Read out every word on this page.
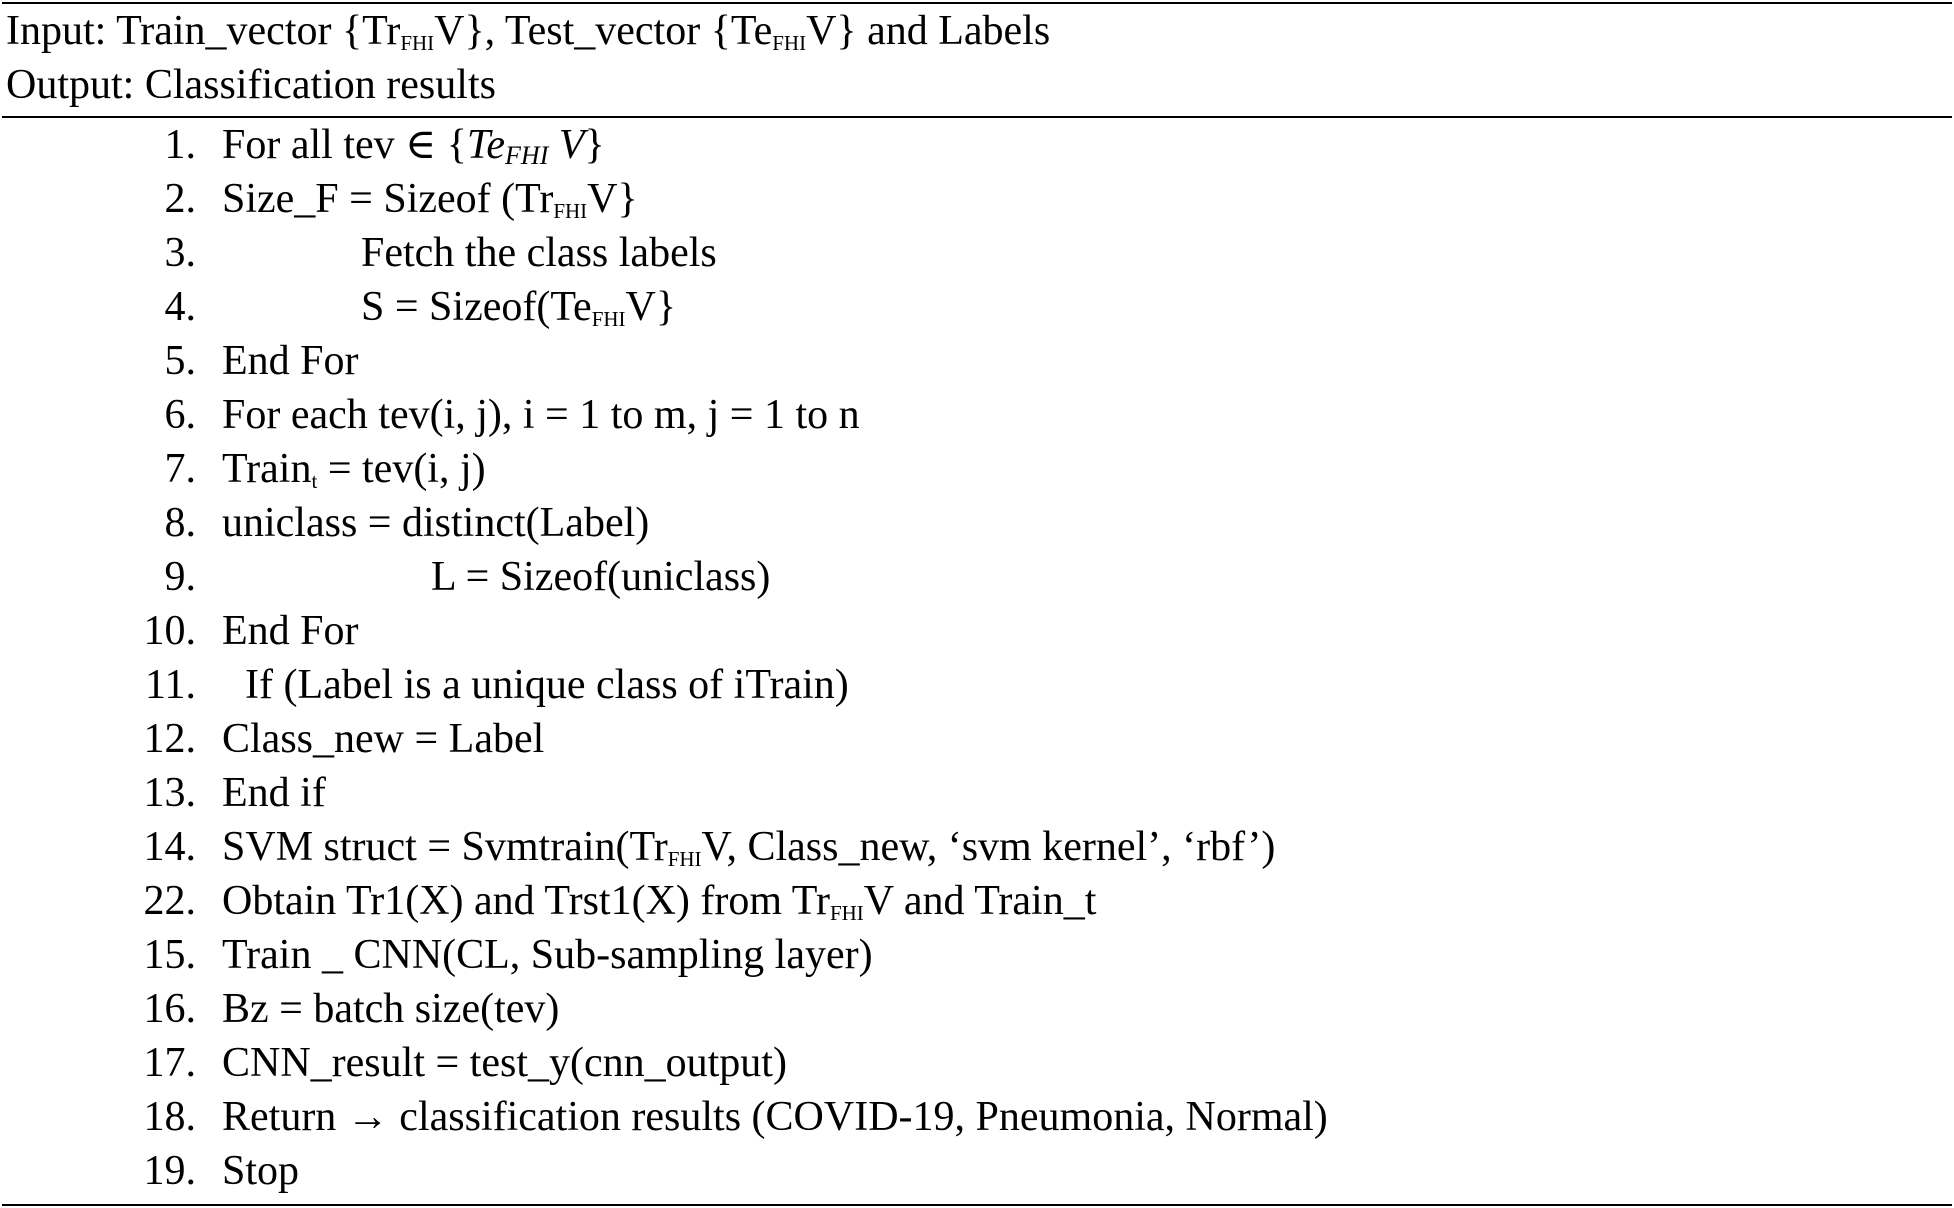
Input: Train_vector $\{Tr_{FHI}V\}$, Test_vector $\{Te_{FHI}V\}$ and Labels
Output: Classification results
1. For all tev ∈ {TeFHI V}
2. Size_F = Sizeof $(Tr_{FHI}V\}$
3.	Fetch the class labels
4.	$S = Sizeof(Te_{FHI}V\}$
5. End For
6. For each tev(i, j), i = 1 to m, j = 1 to n
7. Train$_t$ = tev(i, j)
8. uniclass = distinct(Label)
9.	L = Sizeof(uniclass)
10. End For
11. If (Label is a unique class of iTrain)
12. Class_new = Label
13. End if
14. SVM struct = $Svmtrain(Tr_{FHI}V$, Class_new, ‘svm kernel’, ‘rbf’)
22. Obtain Tr1(X) and Trst1(X) from $Tr_{FHI}V$ and Train_t
15. Train _ CNN(CL, Sub-sampling layer)
16. Bz = batch size(tev)
17. CNN_result = test_y(cnn_output)
18. Return → classification results (COVID-19, Pneumonia, Normal)
19. Stop
